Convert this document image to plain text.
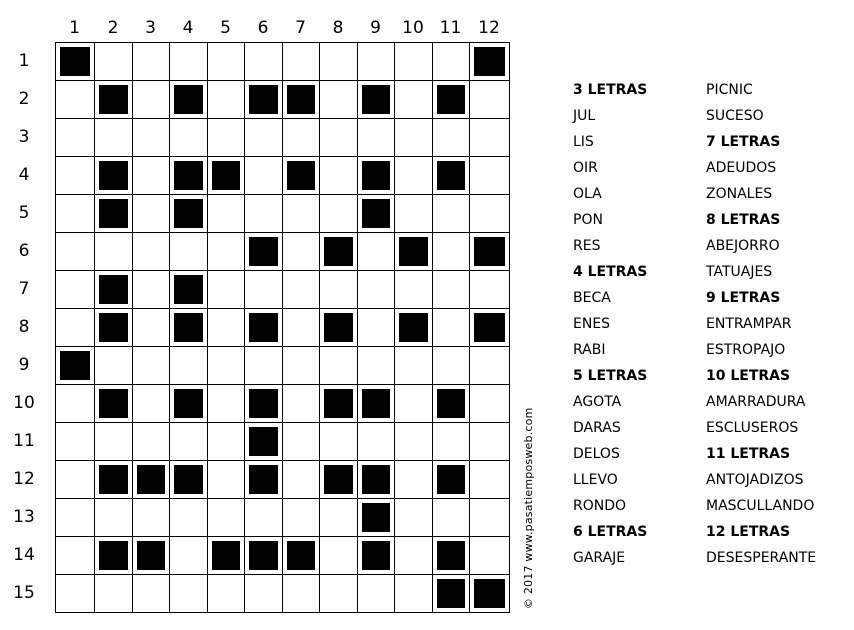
1	2	3	4	5	6	7	8	9	10 11 12
1
2
3
4
5
6
7
8
9
10
11
12
13
14
15	© 2017 www.pasatiemposweb.com
3 LETRAS
JUL
LIS
OIR
OLA
PON
RES
4 LETRAS
BECA
ENES
RABI
5 LETRAS
AGOTA
DARAS
DELOS
LLEVO
RONDO
6 LETRAS
GARAJE
PICNIC
SUCESO
7 LETRAS
ADEUDOS
ZONALES
8 LETRAS
ABEJORRO
TATUAJES
9 LETRAS
ENTRAMPAR
ESTROPAJO
10 LETRAS
AMARRADURA
ESCLUSEROS
11 LETRAS
ANTOJADIZOS
MASCULLANDO
12 LETRAS
DESESPERANTE
